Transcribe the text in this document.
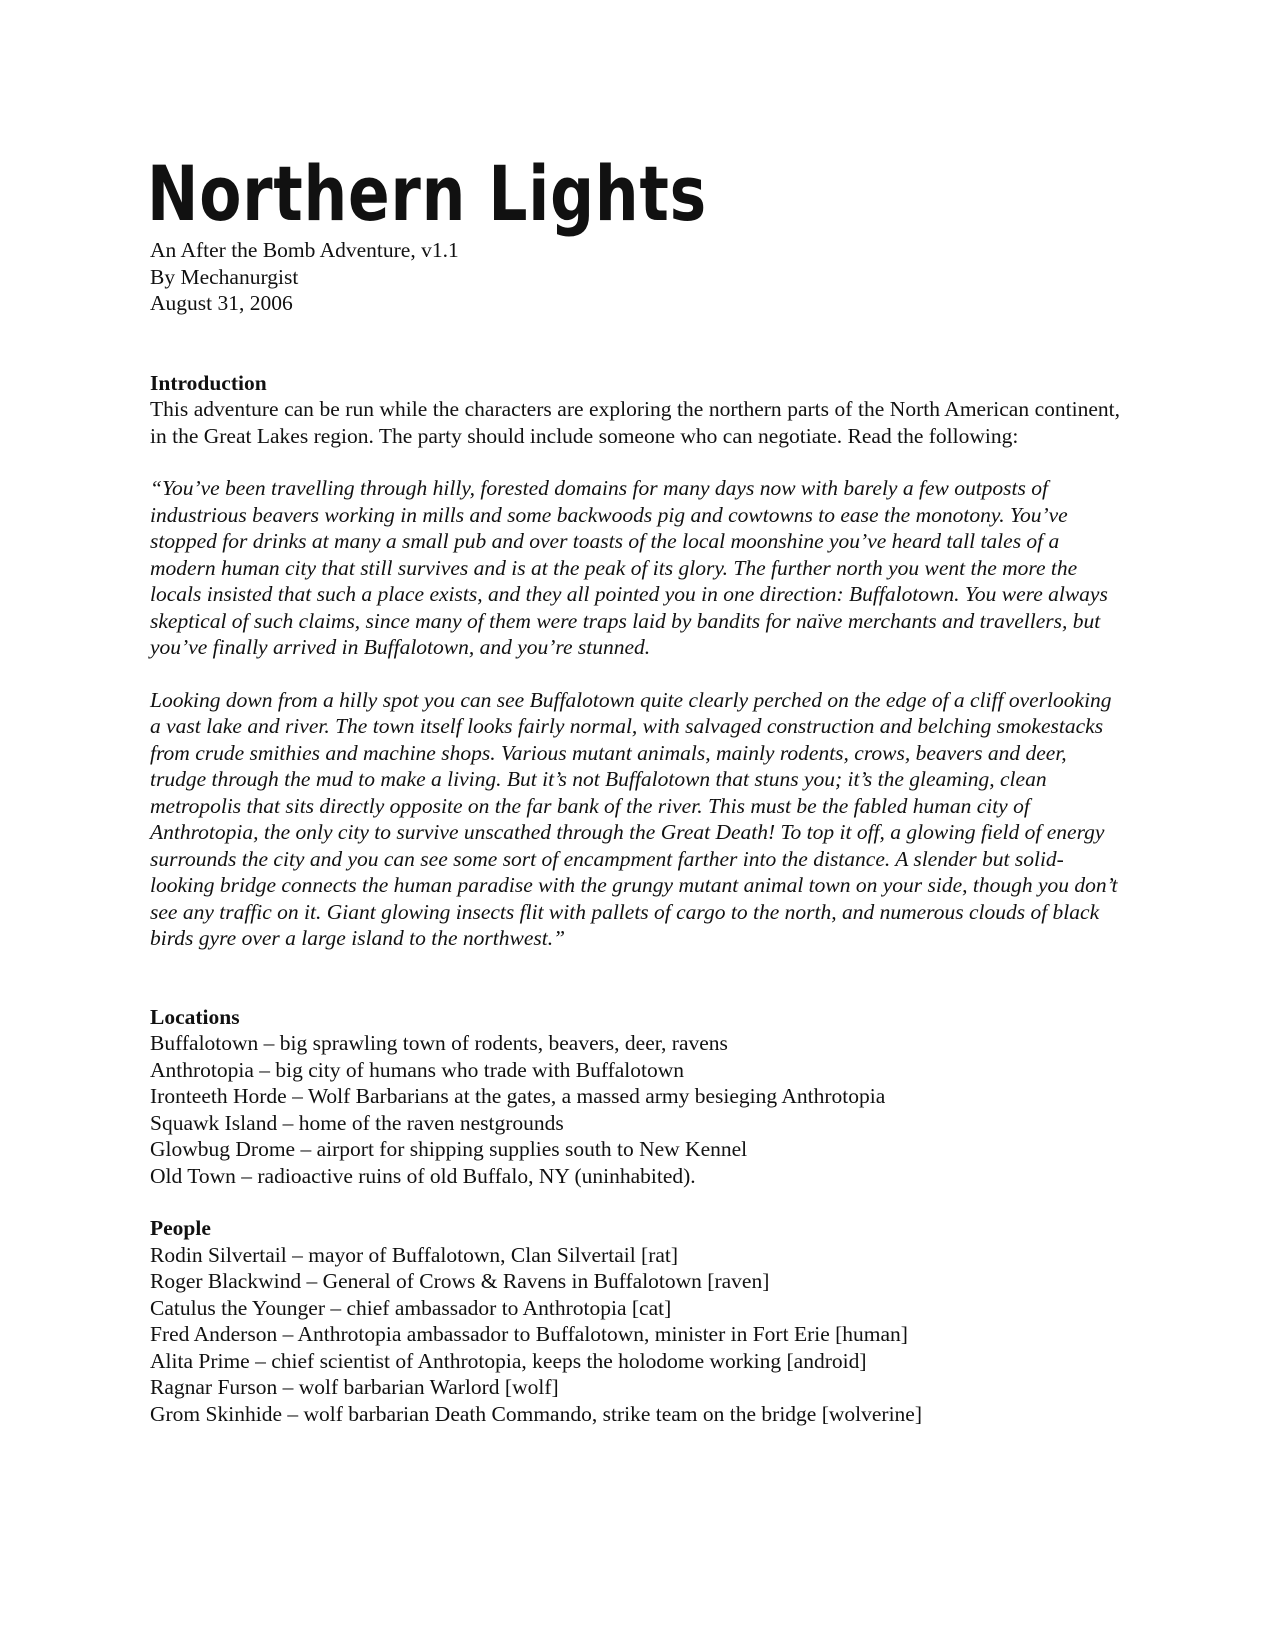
Northern Lights
An After the Bomb Adventure, v1.1
By Mechanurgist
August 31, 2006
Introduction

This adventure can be run while the characters are exploring the northern parts of the North American continent, in the Great Lakes region. The party should include someone who can negotiate. Read the following:

“You’ve been travelling through hilly, forested domains for many days now with barely a few outposts of industrious beavers working in mills and some backwoods pig and cowtowns to ease the monotony. You’ve stopped for drinks at many a small pub and over toasts of the local moonshine you’ve heard tall tales of a modern human city that still survives and is at the peak of its glory. The further north you went the more the locals insisted that such a place exists, and they all pointed you in one direction: Buffalotown. You were always skeptical of such claims, since many of them were traps laid by bandits for naïve merchants and travellers, but you’ve finally arrived in Buffalotown, and you’re stunned.

Looking down from a hilly spot you can see Buffalotown quite clearly perched on the edge of a cliff overlooking a vast lake and river. The town itself looks fairly normal, with salvaged construction and belching smokestacks from crude smithies and machine shops. Various mutant animals, mainly rodents, crows, beavers and deer, trudge through the mud to make a living. But it’s not Buffalotown that stuns you; it’s the gleaming, clean metropolis that sits directly opposite on the far bank of the river. This must be the fabled human city of Anthrotopia, the only city to survive unscathed through the Great Death! To top it off, a glowing field of energy surrounds the city and you can see some sort of encampment farther into the distance. A slender but solid-looking bridge connects the human paradise with the grungy mutant animal town on your side, though you don’t see any traffic on it. Giant glowing insects flit with pallets of cargo to the north, and numerous clouds of black birds gyre over a large island to the northwest.”

Locations
Buffalotown – big sprawling town of rodents, beavers, deer, ravens
Anthrotopia – big city of humans who trade with Buffalotown
Ironteeth Horde – Wolf Barbarians at the gates, a massed army besieging Anthrotopia
Squawk Island – home of the raven nestgrounds
Glowbug Drome – airport for shipping supplies south to New Kennel
Old Town – radioactive ruins of old Buffalo, NY (uninhabited).
People
Rodin Silvertail – mayor of Buffalotown, Clan Silvertail [rat]
Roger Blackwind – General of Crows & Ravens in Buffalotown [raven]
Catulus the Younger – chief ambassador to Anthrotopia [cat]
Fred Anderson – Anthrotopia ambassador to Buffalotown, minister in Fort Erie [human]
Alita Prime – chief scientist of Anthrotopia, keeps the holodome working [android]
Ragnar Furson – wolf barbarian Warlord [wolf]
Grom Skinhide – wolf barbarian Death Commando, strike team on the bridge [wolverine]
